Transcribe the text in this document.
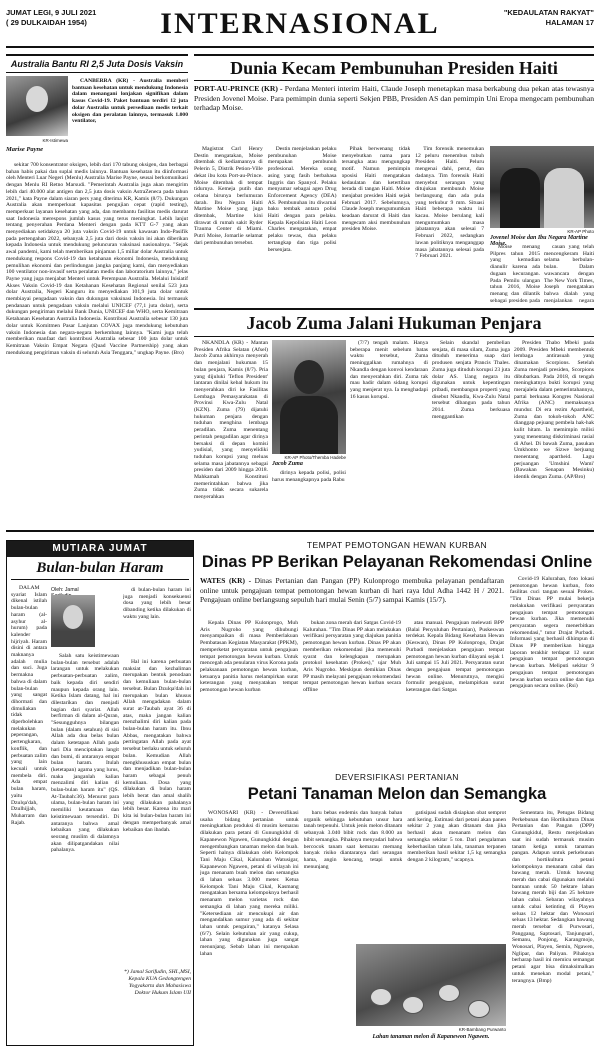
JUMAT LEGI, 9 JULI 2021
( 29 DULKAIDAH 1954)	INTERNASIONAL	"KEDAULATAN RAKYAT"
HALAMAN 17
Australia Bantu RI 2,5 Juta Dosis Vaksin
KR-Istimewa
Marise Payne

CANBERRA (KR) - Australia memberi bantuan kesehatan untuk mendukung Indonesia dalam menangani lonjakan signifikan dalam kasus Covid-19. Paket bantuan terdiri 12 juta dolar Australia untuk persediaan medis terkait oksigen dan peralatan lainnya, termasuk 1.000 ventilator,

sekitar 700 konsentrator oksigen, lebih dari 170 tabung oksigen, dan berbagai bahan habis pakai dan suplai medis lainnya. Bantuan kesehatan itu diinformasi oleh Menteri Luar Negeri (Menlu) Australia Marise Payne, seusai berkomunikasi dengan Menlu RI Retno Marsudi. "Pemerintah Australia juga akan mengirim lebih dari 40.000 alat antigen dan 2,5 juta dosis vaksin AstraZeneca pada tahun 2021," kata Payne dalam siaran pers yang diterima KR, Kamis (8/7). Dukungan Australia akan memperkuat kapasitas pengujian cepat (rapid testing), memperkuat layanan kesehatan yang ada, dan membantu fasilitas medis darurat saat Indonesia merespons jumlah kasus yang terus meningkat. Lebih lanjut tentang penyerahan Perdana Menteri dengan pada KTT G-7 yang akan menyediakan setidaknya 20 juta vaksin Covid-19 untuk kawasan Indo-Pasifik pada pertengahan 2022, sebanyak 2,5 juta dari dosis vaksin ini akan diberikan kepada Indonesia untuk mendukung peluncuran vaksinasi nasionalnya. "Sejak awal pandemi, kami telah memberikan pinjaman 1,5 miliar dolar Australia untuk mendukung respons Covid-19 dan ketahanan ekonomi Indonesia, mendukung pemulihan ekonomi dan perlindungan jangka panjang kami, dan menyediakan 100 ventilator non-invasif serta peralatan medis dan laboratorium lainnya," jelas Payne yang juga menjabat Menteri untuk Perempuan Australia. Melalui Inisiatif Akses Vaksin Covid-19 dan Ketahanan Kesehatan Regional senilai 523 juta dolar Australia, Negeri Kanguru itu menyediakan 101,9 juta dolar untuk membiayai pengadaan vaksin dan dukungan vaksinasi Indonesia. Ini termasuk pendanaan untuk pengadaan vaksin melalui UNICEF (77,1 juta dolar), serta dukungan pengiriman melalui Bank Dunia, UNICEF dan WHO, serta Kemitraan Ketahanan Kesehatan Australia Indonesia. Kontribusi Australia sebesar 130 juta dolar untuk Komitmen Pasar Lanjutan COVAX juga mendukung kebutuhan vaksin Indonesia dan negara-negara berkembang lainnya. "Kami juga telah memberikan manfaat dari kontribusi Australia sebesar 100 juta dolar untuk Kemitraan Vaksin Empat Negara (Quad Vaccine Partnership) yang akan mendukung pengiriman vaksin di seluruh Asia Tenggara," ungkap Payne. (Bro)

Dunia Kecam Pembunuhan Presiden Haiti
PORT-AU-PRINCE (KR) - Perdana Menteri interim Haiti, Claude Joseph menetapkan masa berkabung dua pekan atas tewasnya Presiden Jovenel Moise. Para pemimpin dunia seperti Sekjen PBB, Presiden AS dan pemimpin Uni Eropa mengecam pembunuhan terhadap Moise.

Magistrat Carl Henry Destin mengatakan, Moise ditembak di kediamannya di Pelerin 5, Distrik Petion-Ville dekat ibu kota Port-au-Prince. Moise ditembak di tempat tidurnya. Kemeja putih dan celana birunya berlumuran darah. Ibu Negara Haiti Martine Moise yang juga ditembak, Martine kini dirawat di rumah sakit Ryder Trauma Center di Miami. Putri Moise, Jomarlie selamat dari pembunuhan tersebut.

Destin menjelaskan pelaku pembunuhan Moise merupakan pembunuh profesional. Mereka orang asing yang fasih berbahasa Inggris dan Spanyol. Pelaku menyamar sebagai agen Drug Enforcement Agency (DEA) AS. Pembunuhan itu diwarnai baku tembak antara polisi Haiti dengan para pelaku. Kepala Kepolisian Haiti Leon Charles mengatakan, empat pelaku tewas, dua pelaku tertangkap dan tiga polisi bersenjata.

Pihak berwenang tidak menyebutkan nama para tersangka atau mengungkap motif. Namun pemimpin oposisi Haiti mengatakan kedaulatan dan ketertiban berada di tangan Haiti. Moise menjabat presiden Haiti sejak Februari 2017. Sebelumnya, Claude Joseph mengumumkan keadaan darurat di Haiti dan mengecam aksi membunuhan presiden Moise.

Tim forensik menemukan 12 peluru menembus tubuh Presiden Haiti. Peluru mengenai dahi, perut, dan dadanya. Tim forensik Haiti menyebut serangan yang ditujukan membunuh Moise berlangsung dan ada pula yang terkubur 9 mm. Situasi Haiti beberapa waktu ini kacau. Moise berulang kali mengumumkan masa jabatannya akan selesai 7 Februari 2022, sedangkan lawan politiknya menganggap masa jabatannya selesai pada 7 Februari 2021.

KR-AP Photo
Jovenel Moise dan Ibu Negara Martine Moise.

Moise menang Pilpres tahun 2015 yang kemudian dianulir karena ada dugaan kecurangan. Pada Pemilu ulangan tahun 2016, Moise menang dan dilantik sebagai presiden pada

cauan yang telah mencengkeram Haiti selama berbulan-bulan. Dalam wawancara dengan The New York Times, Joseph mengatakan bahwa dialah yang menjalankan negara

Jacob Zuma Jalani Hukuman Penjara

NKANDLA (KR) - Mantan Presiden Afrika Selatan (Afsel) Jacob Zuma akhirnya menyerah dan menjalani hukuman 15 bulan penjara, Kamis (8/7). Pria yang dijuluki 'Teflon President' lantaran dinilai kebal hukum itu menyerahkan diri ke Fasilitas Lembaga Pemasyarakatan di Provinsi Kwa-Zulu Natal (KZN). Zuma (79) dijatuhi hukuman penjara dengan tuduhan menghina lembaga peradilan. Zuma menentang perintah pengadilan agar dirinya bersaksi di depan komisi yudisial, yang menyelidiki tuduhan korupsi yang meluas selama masa jabatannya sebagai presiden dari 2009 hingga 2018. Mahkamah Konstitusi memerintahkan bahwa jika Zuma tidak secara sukarela menyerahkan

KR-AP Photo/Themba Hadebe
Jacob Zuma

dirinya kepada polisi, polisi harus menangkapnya pada Rabu

(7/7) tengah malam. Hanya beberapa menit sebelum batas waktu tersebut, Zuma meninggalkan rumahnya di Nkandla dengan konvoi kendaraan dan menyerahkan diri. Zuma tak mau hadir dalam sidang korupsi yang menjerat nya. Ia menghadapi 16 kasus korupsi.

Selain skandal pembelian senjata, di masa silam, Zuma juga dituduh menerima suap dari produsen senjata Prancis Thales. Zuma juga dituduh korupsi 23 juta dolar AS. Uang negara itu digunakan untuk kepentingan pribadi, membangun properti yang disebut Nkandla, Kwa-Zulu Natal tersebut dibangun pada tahun 2014. Zuma berkuasa menggantikan

Presiden Thabo Mbeki pada 2009. Presiden Mbeki membentuk lembaga antirasuah yang dinamakan Scorpions. Setelah Zuma menjadi presiden, Scorpions dibubarkan. Pada 2018, di tengah meningkatnya bukti korupsi yang merajalela dalam pemerintahannya, partai berkuasa Kongres Nasional Afrika (ANC) memaksanya mundur. Di era rezim Apartheid, Zuma dan tokoh-tokoh ANC dianggap pejuang pembela hak-hak kulit hitam. Ia memimpin milisi yang menentang diskriminasi rasial di Afsel. Di bawah Zuma, pasukan Umkhonto we Sizwe berjuang menentang apartheid. Lagu perjuangan 'Umshini Wami' (Bawakan Senapan Mesinku) identik dengan Zuma. (AP/Bro)

MUTIARA JUMAT
Bulan-bulan Haram

DALAM syariat Islam dikenal istilah bulan-bulan haram (al-asyhur al-hurum) pada kalender hijriyah. Haram disini di antara maknanya adalah mulia dan suci. Juga bermakna bahwa di dalam bulan-bulan yang sangat dihormati dan dimuliakan tidak diperbolehkan melakukan peperangan, pertengkaran, konflik, dan perbuatan zalim yang lain kecuali untuk membela diri. Ada empat bulan haram, yaitu Dzulqa'dah, Dzulhijjah, Muharram dan Rajab.

Oleh: Jamal

Salah satu keistimewaan bulan-bulan tersebut adalah larangan untuk melakukan perbuatan-perbuatan zalim, baik kepada diri sendiri maupun kepada orang lain. Ketika Islam datang, hal ini dilestarikan dan menjadi bagian dari syariat. Allah berfirman di dalam al-Quran, "Sesungguhnya bilangan bulan (dalam setahun) di sisi Allah ada dua belas bulan dalam ketetapan Allah pada hari Dia menciptakan langit dan bumi, di antaranya empat bulan haram. Itulah (ketetapan) agama yang lurus, maka janganlah kalian menzalimi diri kalian di bulan-bulan haram itu" (QS. At-Taubah:36). Menurut para ulama, bulan-bulan haram ini memiliki keutamaan dan keistimewaan tersendiri. Di antaranya bahwa amal kebaikan yang dilakukan seorang muslim di dalamnya akan dilipatgandakan nilai pahalanya.

di bulan-bulan haram ini juga menjadi konsekuensi dosa yang lebih besar dibanding ketika dilakukan di waktu yang lain.

Hal ini karena perbuatan maksiat dan kezhaliman merupakan bentuk penodaan dan kemuliaan bulan-bulan tersebut. Bulan Dzulqa'dah ini merupakan bulan khusus Allah mengadakan dalam surat at-Taubah ayat 36 di atas, maka jangan kalian menzhalimi diri kalian pada bulan-bulan haram itu. Ibnu Abbas, mengatakan bahwa pertingatan Allah pada ayat tersebut berlaku untuk seluruh bulan. Kemudian Allah mengkhususkan empat bulan dan menjadikan bulan-bulan haram sebagai penuh kemuliaan. Dosa yang dilakukan di bulan haram lebih berat dan amal shalih yang dilakukan pahalanya lebih besar. Karena itu mari kita isi bulan-bulan haram ini dengan memperbanyak amal kebaikan dan ibadah.

*) Jamal Sarifudin, SHI.,MSI, Kepala KUA Gedongtengen Yogyakarta dan Mahasiswa Doktor Hukum Islam UII
TEMPAT PEMOTONGAN HEWAN KURBAN
Dinas PP Berikan Pelayanan Rekomendasi Online
WATES (KR) - Dinas Pertanian dan Pangan (PP) Kulonprogo membuka pelayanan pendaftaran online untuk pengajuan tempat pemotongan hewan kurban di hari raya Idul Adha 1442 H / 2021. Pengajuan online berlangsung sepuluh hari mulai Senin (5/7) sampai Kamis (15/7).

Kepala Dinas PP Kulonprogo, Muh Aris Nugroho yang dihubungi menyampaikan di masa Pemberlakuan Pembatasan Kegiatan Masyarakat (PPKM), memperketat persyaratan untuk pengajuan tempat pemotongan hewan kurban. Untuk mencegah ada penularan virus Korona pada pelaksanaan pemotongan hewan kurban, ketuanya panitia harus melampirkan surat keterangan yang menyatakan tempat pemotongan hewan kurban

bukan zona merah dari Satgas Covid-19 Kalurahan. "Tim Dinas PP akan melakukan verifikasi persyaratan yang diajukan panitia pemotongan hewan kurban. Dinas PP akan memberikan rekomendasi jika memenuhi syarat dan kelengkapan merupakan protokol kesehatan (Prokes)," ujar Muh Aris Nugroho. Meskipun demikian Dinas PP masih melayani pengajuan rekomendasi tempat pemotongan hewan kurban secara offline

atau manual. Pengajuan melewati BPP (Balai Penyuluhan Pertanian), Puskeswan terdekat. Kepala Bidang Kesehatan Hewan (Keswan), Dinas PP Kulonprogo, Drajat Purbadi menjelaskan pengajuan tempat pemotongan hewan kurban dilayani sejak 1 Juli sampai 15 Juli 2021. Persyaratan surat dengan pengajuan tempat pemotongan hewan online. Menurutnya, mengisi formulir pengajuan, melampirkan surat keterangan dari Satgas

Covid-19 Kalurahan, foto lokasi pemotongan hewan kurban, foto fasilitas cuci tangan sesuai Prokes. "Tim Dinas PP mulai bekerja melakukan verifikasi persyaratan pengajuan tempat pemotongan hewan kurban. Jika memenuhi persyaratan segera menerbitkan rekomendasi," tutur Drajat Purbadi. Informasi yang berhasil dihimpun di Dinas PP memberikan hingga laporan terakhir terdapat 12 surat pengajuan tempat pemotongan hewan kurban. Meliputi sekitar 9 pengajuan tempat pemotongan hewan kurban secara online dan tiga pengajuan secara online. (Rsi)

DEVERSIFIKASI PERTANIAN
Petani Tanaman Melon dan Semangka

WONOSARI (KR) - Deversifikasi usaha bidang pertanian untuk meningkatkan produksi di musim kemarau dilakukan para petani di Gunungkidul di Kapanewon Ngawen, Gunungkidul dengan mengembangkan tanaman melon dan buah. Seperti halnya dilakukan oleh Kelompok Tani Maju Cikal, Kalurahan Watusigar, Kapanewon Ngawen, petani di wilayah ini juga menanam buah melon dan semangka di lahan seluas 3.000 meter. Ketua Kelompok Tani Maju Cikal, Kasmang mengatakan bersama kelompoknya berhasil menanam melon varietas rock dan semangka di lahan yang mereka miliki. "Ketersediaan air mencukupi air dan mengandalkan sumur yang ada di sekitar lahan untuk pengairan," katanya Selasa (6/7). Selain kebutuhan air yang cukup, lahan yang digunakan juga sangat menunjang. Sebab lahan ini merupakan lahan

baru bebas endemis dan banyak bahan organik sehingga kebutuhan unsur hara tanah terpenuhi. Untuk jenis melon ditanam sebanyak 3.040 bibit rock dan 8.000 an bibit semangka. Pihaknya menyadari bahwa bercocok tanam saat kemarau memang banyak risiko diantaranya dari serangan hama, angin kencang, tetapi untuk menunjang

gatisipasi sudah disiapkan obat semprot anti kering. Estimasi dari petani akan panen sekitar 2 yang akan ditanam dan jika berhasil akan menanam melon dan semangka sekitar 5 ton. Dari pengalaman keberhasilan tahun lalu, tanaman terpanen memberikan hasil sekitar 1,5 kg semangka dengan 2 kilogram," ucapnya.

KR-Bambang Purwanto
Lahan tanaman melon di Kapanewon Ngawen.

Sementara itu, Petugas Bidang Perkebunan dan Hortikultura Dinas Pertanian dan Pangan (DPP) Gunungkidul, Restu menjelaskan saat ini sudah termasuk musim tanam ketiga untuk tanaman pangan. Adapun untuk perkebunan dan hortikultura petani kelompoknya menanam cabai dan bawang merah. Untuk bawang merah dan cabai digunakan melalui bantuan untuk 50 hektare lahan bawang merah biji dan 25 hektare lahan cabai. Sebaran wilayahnya untuk cabai ketinting di Playen seluas 12 hektar dan Wonosari seluas 13 hektar. Sedangkan bawang merah tersebar di Purwosari, Panggang, Saptosari, Tanjungsari, Semanu, Ponjong, Karangmojo, Wonosari, Playen, Semin, Ngawen, Nglipar, dan Paliyan. Pihaknya berharap hasil ini memicu semangat petani agar bisa dimaksimalkan untuk menekan modal petani," terangnya. (Bmp)
